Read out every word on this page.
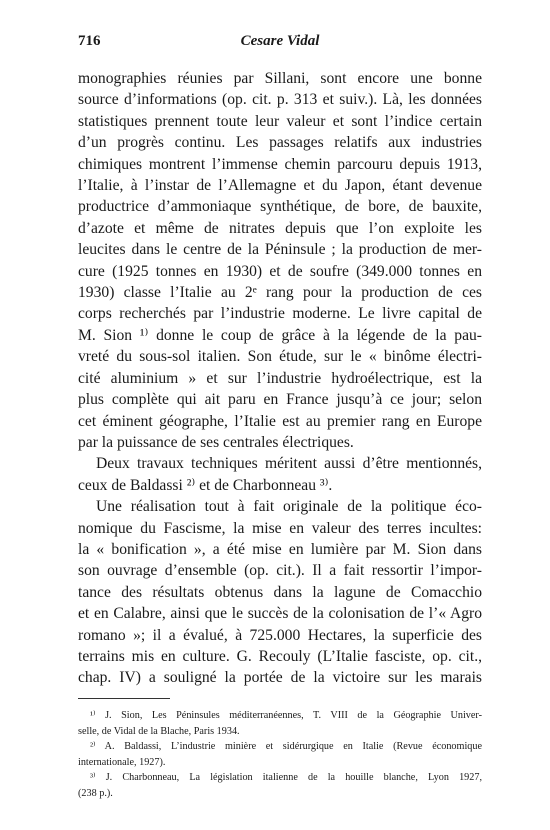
716	Cesare Vidal
monographies réunies par Sillani, sont encore une bonne
source d’informations (op. cit. p. 313 et suiv.). Là, les données
statistiques prennent toute leur valeur et sont l’indice certain
d’un progrès continu. Les passages relatifs aux industries
chimiques montrent l’immense chemin parcouru depuis 1913,
l’Italie, à l’instar de l’Allemagne et du Japon, étant devenue
productrice d’ammoniaque synthétique, de bore, de bauxite,
d’azote et même de nitrates depuis que l’on exploite les
leucites dans le centre de la Péninsule ; la production de mer-
cure (1925 tonnes en 1930) et de soufre (349.000 tonnes en
1930) classe l’Italie au 2ᵉ rang pour la production de ces
corps recherchés par l’industrie moderne. Le livre capital de
M. Sion ¹⁾ donne le coup de grâce à la légende de la pau-
vreté du sous-sol italien. Son étude, sur le « binôme électri-
cité aluminium » et sur l’industrie hydroélectrique, est la
plus complète qui ait paru en France jusqu’à ce jour; selon
cet éminent géographe, l’Italie est au premier rang en Europe
par la puissance de ses centrales électriques.
Deux travaux techniques méritent aussi d’être mentionnés,
ceux de Baldassi ²⁾ et de Charbonneau ³⁾.
Une réalisation tout à fait originale de la politique éco-
nomique du Fascisme, la mise en valeur des terres incultes:
la « bonification », a été mise en lumière par M. Sion dans
son ouvrage d’ensemble (op. cit.). Il a fait ressortir l’impor-
tance des résultats obtenus dans la lagune de Comacchio
et en Calabre, ainsi que le succès de la colonisation de l’« Agro
romano »; il a évalué, à 725.000 Hectares, la superficie des
terrains mis en culture. G. Recouly (L’Italie fasciste, op. cit.,
chap. IV) a souligné la portée de la victoire sur les marais
¹⁾ J. Sion, Les Péninsules méditerranéennes, T. VIII de la Géographie Univer-
selle, de Vidal de la Blache, Paris 1934.
²⁾ A. Baldassi, L’industrie minière et sidérurgique en Italie (Revue économique
internationale, 1927).
³⁾ J. Charbonneau, La législation italienne de la houille blanche, Lyon 1927,
(238 p.).
